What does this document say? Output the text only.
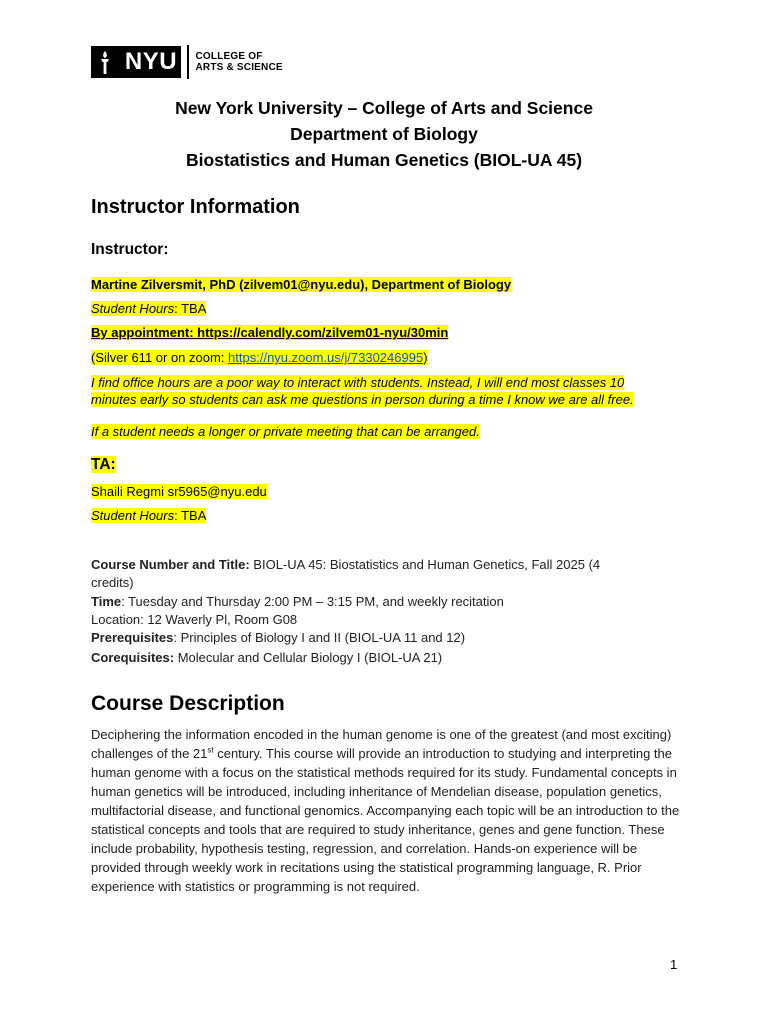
NYU	COLLEGE OF
ARTS & SCIENCE
New York University – College of Arts and Science
Department of Biology
Biostatistics and Human Genetics (BIOL-UA 45)
Instructor Information
Instructor:
Martine Zilversmit, PhD (zilvem01@nyu.edu), Department of Biology
Student Hours: TBA
By appointment: https://calendly.com/zilvem01-nyu/30min
(Silver 611 or on zoom: https://nyu.zoom.us/j/7330246995)
I find office hours are a poor way to interact with students. Instead, I will end most classes 10
minutes early so students can ask me questions in person during a time I know we are all free.
If a student needs a longer or private meeting that can be arranged.
TA:
Shaili Regmi sr5965@nyu.edu
Student Hours: TBA
Course Number and Title: BIOL-UA 45: Biostatistics and Human Genetics, Fall 2025 (4
credits)
Time: Tuesday and Thursday 2:00 PM – 3:15 PM, and weekly recitation
Location: 12 Waverly Pl, Room G08
Prerequisites: Principles of Biology I and II (BIOL-UA 11 and 12)
Corequisites: Molecular and Cellular Biology I (BIOL-UA 21)
Course Description
Deciphering the information encoded in the human genome is one of the greatest (and most exciting) challenges of the 21st century. This course will provide an introduction to studying and interpreting the human genome with a focus on the statistical methods required for its study. Fundamental concepts in human genetics will be introduced, including inheritance of Mendelian disease, population genetics, multifactorial disease, and functional genomics. Accompanying each topic will be an introduction to the statistical concepts and tools that are required to study inheritance, genes and gene function. These include probability, hypothesis testing, regression, and correlation. Hands-on experience will be provided through weekly work in recitations using the statistical programming language, R. Prior experience with statistics or programming is not required.
1
